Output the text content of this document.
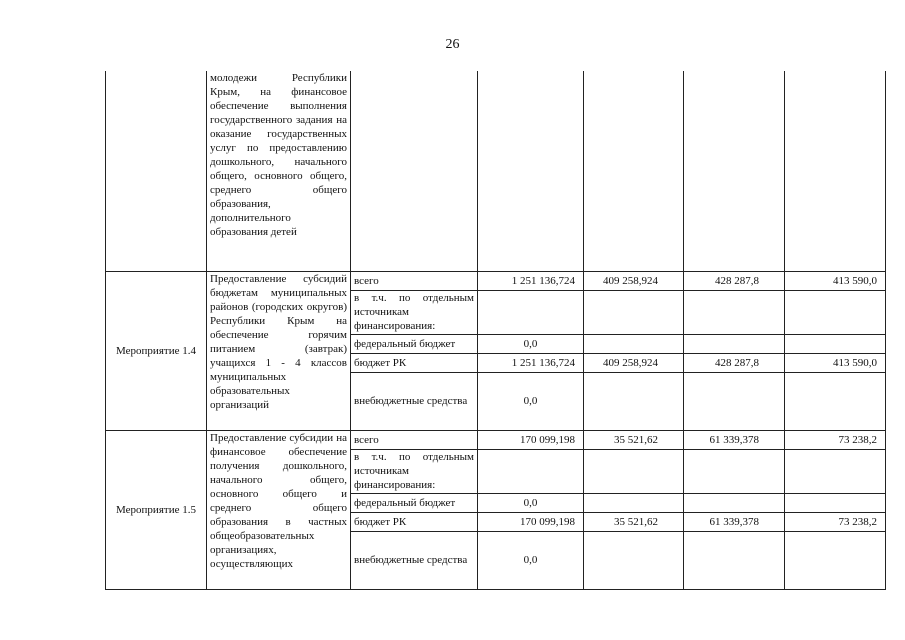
26
	молодежи Республики Крым, на финансовое обеспечение выполнения государственного задания на оказание государственных услуг по предоставлению дошкольного, начального общего, основного общего, среднего общего образования, дополнительного образования детей					
Мероприятие 1.4	Предоставление субсидий бюджетам муниципальных районов (городских округов) Республики Крым на обеспечение горячим питанием (завтрак) учащихся 1 - 4 классов муниципальных образовательных организаций	всего	1 251 136,724	409 258,924	428 287,8	413 590,0
		в т.ч. по отдельным источникам финансирования:				
		федеральный бюджет	0,0			
		бюджет РК	1 251 136,724	409 258,924	428 287,8	413 590,0
		внебюджетные средства	0,0			
Мероприятие 1.5	Предоставление субсидии на финансовое обеспечение получения дошкольного, начального общего, основного общего и среднего общего образования в частных общеобразовательных организациях, осуществляющих	всего	170 099,198	35 521,62	61 339,378	73 238,2
		в т.ч. по отдельным источникам финансирования:				
		федеральный бюджет	0,0			
		бюджет РК	170 099,198	35 521,62	61 339,378	73 238,2
		внебюджетные средства	0,0			
